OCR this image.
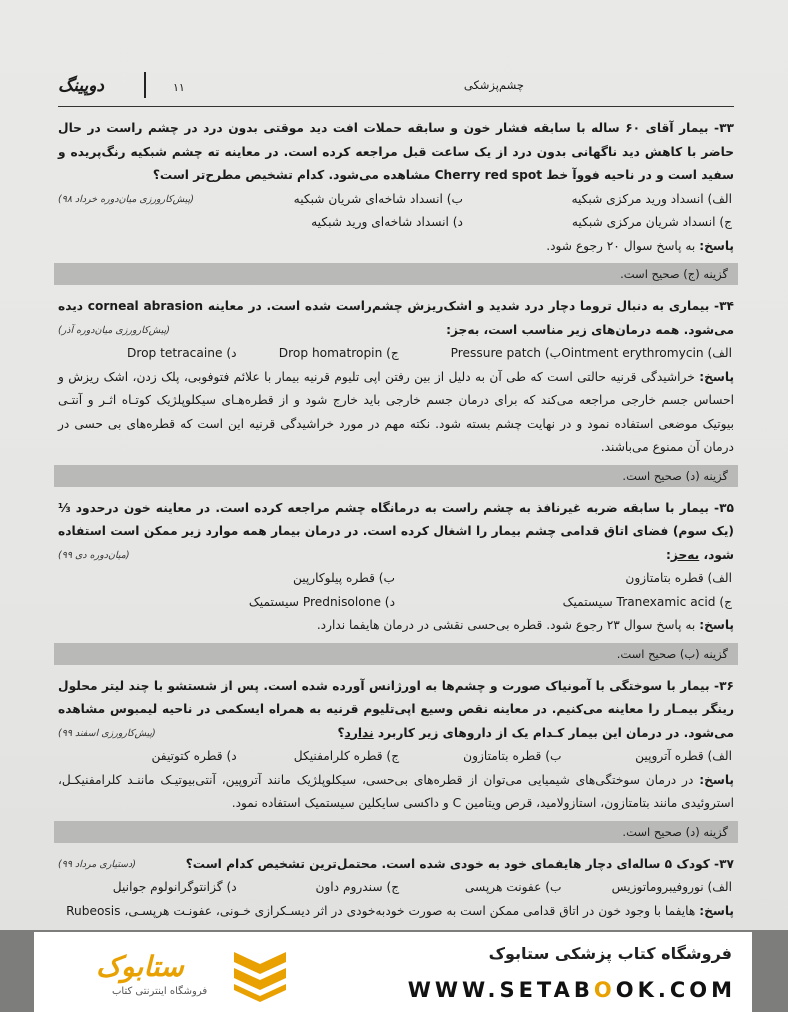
چشم‌پزشکی
۱۱
دوپینگ
۳۳- بیمار آقای ۶۰ ساله با سابقه فشار خون و سابقه حملات افت دید موقتی بدون درد در چشم راست در حال حاضر با کاهش دید ناگهانی بدون درد از یک ساعت قبل مراجعه کرده است. در معاینه ته چشم شبکیه رنگ‌پریده و سفید است و در ناحیه فووآ خط Cherry red spot مشاهده می‌شود. کدام تشخیص مطرح‌تر است؟
(پیش‌کارورزی میان‌دوره خرداد ۹۸)	الف) انسداد ورید مرکزی شبکیه
ب) انسداد شاخه‌ای شریان شبکیه
ج) انسداد شریان مرکزی شبکیه
د) انسداد شاخه‌ای ورید شبکیه
پاسخ: به پاسخ سوال ۲۰ رجوع شود.
گزینه (ج) صحیح است.
۳۴- بیماری به دنبال تروما دچار درد شدید و اشک‌ریزش چشم‌راست شده است. در معاینه corneal abrasion دیده می‌شود. همه درمان‌های زیر مناسب است، به‌جز:
(پیش‌کارورزی میان‌دوره آذر)
الف) Ointment erythromycin
ب) Pressure patch
ج) Drop homatropin
د) Drop tetracaine
پاسخ: خراشیدگی قرنیه حالتی است که طی آن به دلیل از بین رفتن اپی تلیوم قرنیه بیمار با علائم فتوفوبی، پلک زدن، اشک ریزش و احساس جسم خارجی مراجعه می‌کند که برای درمان جسم خارجی باید خارج شود و از قطره‌هـای سیکلوپلژیک کوتـاه اثـر و آنتـی بیوتیک موضعی استفاده نمود و در نهایت چشم بسته شود. نکته مهم در مورد خراشیدگی قرنیه این است که قطره‌های بی حسی در درمان آن ممنوع می‌باشند.
گزینه (د) صحیح است.
۳۵- بیمار با سابقه ضربه غیرنافذ به چشم راست به درمانگاه چشم مراجعه کرده است. در معاینه خون درحدود ⅓ (یک سوم) فضای اتاق قدامی چشم بیمار را اشغال کرده است. در درمان بیمار همه موارد زیر ممکن است استفاده شود، به‌جز:
(میان‌دوره دی ۹۹)
الف) قطره بتامتازون
ب) قطره پیلوکارپین
ج) Tranexamic acid سیستمیک
د) Prednisolone سیستمیک
پاسخ: به پاسخ سوال ۲۳ رجوع شود. قطره بی‌حسی نقشی در درمان هایفما ندارد.
گزینه (ب) صحیح است.
۳۶- بیمار با سوختگی با آمونیاک صورت و چشم‌ها به اورژانس آورده شده است. پس از شستشو با چند لیتر محلول رینگر بیمـار را معاینه می‌کنیم. در معاینه نقص وسیع اپی‌تلیوم قرنیه به همراه ایسکمی در ناحیه لیمبوس مشاهده می‌شود. در درمان این بیمار کـدام یک از داروهای زیر کاربرد ندارد؟
(پیش‌کارورزی اسفند ۹۹)
الف) قطره آتروپین
ب) قطره بتامتازون
ج) قطره کلرامفنیکل
د) قطره کتوتیفن
پاسخ: در درمان سوختگی‌های شیمیایی می‌توان از قطره‌های بی‌حسی، سیکلوپلژیک مانند آتروپین، آنتی‌بیوتیـک ماننـد کلرامفنیکـل، استروئیدی مانند بتامتازون، استازولامید، قرص ویتامین C و داکسی سایکلین سیستمیک استفاده نمود.
گزینه (د) صحیح است.
۳۷- کودک ۵ ساله‌ای دچار هایفمای خود به خودی شده است. محتمل‌ترین تشخیص کدام است؟
(دستیاری مرداد ۹۹)
الف) نوروفیبروماتوزیس
ب) عفونت هرپسی
ج) سندروم داون
د) گزانتوگرانولوم جوانیل
پاسخ: هایفما با وجود خون در اتاق قدامی ممکن است به صورت خودبه‌خودی در اثر دیسـکرازی خـونی، عفونـت هرپسـی، Rubeosis
ستابوک
فروشگاه اینترنتی کتاب
فروشگاه کتاب پزشکی ستابوک
WWW.SETABOOK.COM
